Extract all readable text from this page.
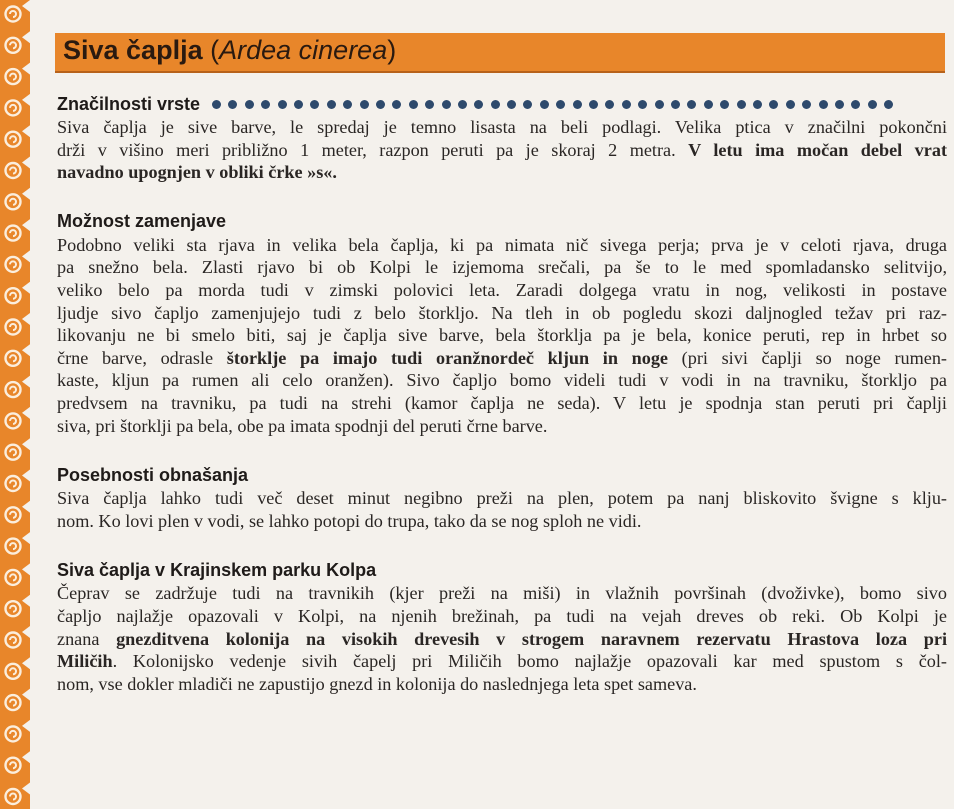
Siva čaplja (Ardea cinerea)
Značilnosti vrste
Siva čaplja je sive barve, le spredaj je temno lisasta na beli podlagi. Velika ptica v značilni pokončni
drži v višino meri približno 1 meter, razpon peruti pa je skoraj 2 metra. V letu ima močan debel vrat
navadno upognjen v obliki črke »s«.
Možnost zamenjave
Podobno veliki sta rjava in velika bela čaplja, ki pa nimata nič sivega perja; prva je v celoti rjava, druga
pa snežno bela. Zlasti rjavo bi ob Kolpi le izjemoma srečali, pa še to le med spomladansko selitvijo,
veliko belo pa morda tudi v zimski polovici leta. Zaradi dolgega vratu in nog, velikosti in postave
ljudje sivo čapljo zamenjujejo tudi z belo štorkljo. Na tleh in ob pogledu skozi daljnogled težav pri raz-
likovanju ne bi smelo biti, saj je čaplja sive barve, bela štorklja pa je bela, konice peruti, rep in hrbet so
črne barve, odrasle štorklje pa imajo tudi oranžnordeč kljun in noge (pri sivi čaplji so noge rumen-
kaste, kljun pa rumen ali celo oranžen). Sivo čapljo bomo videli tudi v vodi in na travniku, štorkljo pa
predvsem na travniku, pa tudi na strehi (kamor čaplja ne seda). V letu je spodnja stan peruti pri čaplji
siva, pri štorklji pa bela, obe pa imata spodnji del peruti črne barve.
Posebnosti obnašanja
Siva čaplja lahko tudi več deset minut negibno preži na plen, potem pa nanj bliskovito švigne s klju-
nom. Ko lovi plen v vodi, se lahko potopi do trupa, tako da se nog sploh ne vidi.
Siva čaplja v Krajinskem parku Kolpa
Čeprav se zadržuje tudi na travnikih (kjer preži na miši) in vlažnih površinah (dvoživke), bomo sivo
čapljo najlažje opazovali v Kolpi, na njenih brežinah, pa tudi na vejah dreves ob reki. Ob Kolpi je
znana gnezditvena kolonija na visokih drevesih v strogem naravnem rezervatu Hrastova loza pri
Miličih. Kolonijsko vedenje sivih čapelj pri Miličih bomo najlažje opazovali kar med spustom s čol-
nom, vse dokler mladiči ne zapustijo gnezd in kolonija do naslednjega leta spet sameva.
